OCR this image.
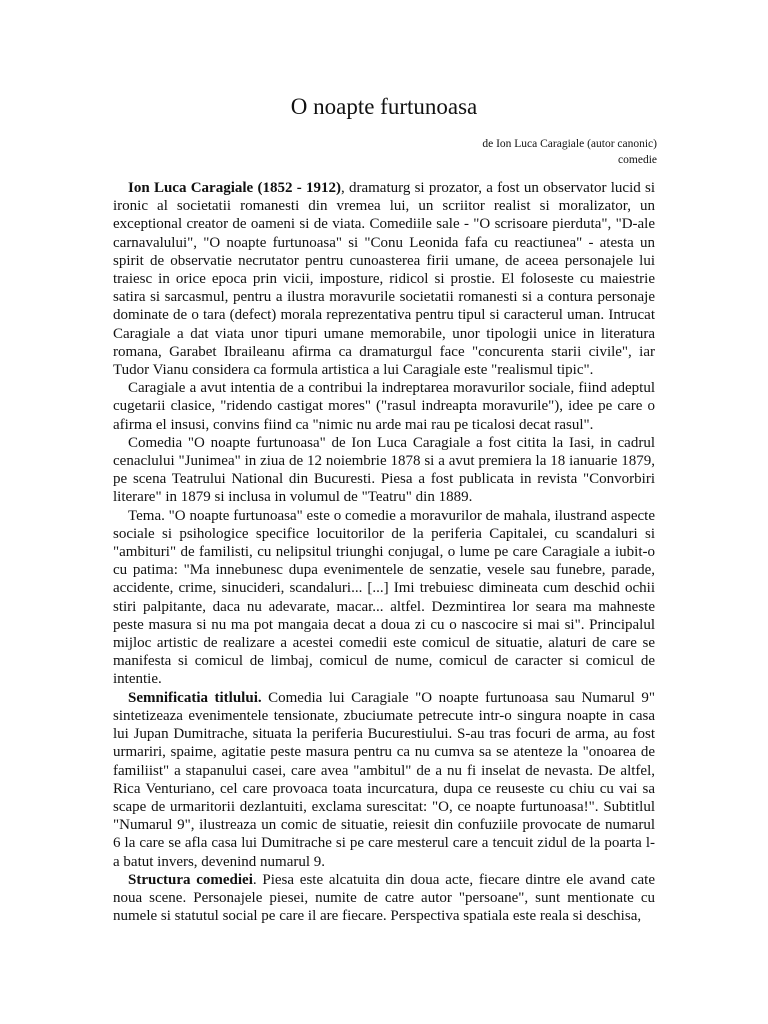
O noapte furtunoasa
de Ion Luca Caragiale (autor canonic)
comedie

Ion Luca Caragiale (1852 - 1912), dramaturg si prozator, a fost un observator lucid si ironic al societatii romanesti din vremea lui, un scriitor realist si moralizator, un exceptional creator de oameni si de viata. Comediile sale - "O scrisoare pierduta", "D-ale carnavalului", "O noapte furtunoasa" si "Conu Leonida fafa cu reactiunea" - atesta un spirit de observatie necrutator pentru cunoasterea firii umane, de aceea personajele lui traiesc in orice epoca prin vicii, imposture, ridicol si prostie. El foloseste cu maiestrie satira si sarcasmul, pentru a ilustra moravurile societatii romanesti si a contura personaje dominate de o tara (defect) morala reprezentativa pentru tipul si caracterul uman. Intrucat Caragiale a dat viata unor tipuri umane memorabile, unor tipologii unice in literatura romana, Garabet Ibraileanu afirma ca dramaturgul face "concurenta starii civile", iar Tudor Vianu considera ca formula artistica a lui Caragiale este "realismul tipic".

Caragiale a avut intentia de a contribui la indreptarea moravurilor sociale, fiind adeptul cugetarii clasice, "ridendo castigat mores" ("rasul indreapta moravurile"), idee pe care o afirma el insusi, convins fiind ca "nimic nu arde mai rau pe ticalosi decat rasul".

Comedia "O noapte furtunoasa" de Ion Luca Caragiale a fost citita la Iasi, in cadrul cenaclului "Junimea" in ziua de 12 noiembrie 1878 si a avut premiera la 18 ianuarie 1879, pe scena Teatrului National din Bucuresti. Piesa a fost publicata in revista "Convorbiri literare" in 1879 si inclusa in volumul de "Teatru" din 1889.

Tema. "O noapte furtunoasa" este o comedie a moravurilor de mahala, ilustrand aspecte sociale si psihologice specifice locuitorilor de la periferia Capitalei, cu scandaluri si "ambituri" de familisti, cu nelipsitul triunghi conjugal, o lume pe care Caragiale a iubit-o cu patima: "Ma innebunesc dupa evenimentele de senzatie, vesele sau funebre, parade, accidente, crime, sinucideri, scandaluri... [...] Imi trebuiesc dimineata cum deschid ochii stiri palpitante, daca nu adevarate, macar... altfel. Dezmintirea lor seara ma mahneste peste masura si nu ma pot mangaia decat a doua zi cu o nascocire si mai si". Principalul mijloc artistic de realizare a acestei comedii este comicul de situatie, alaturi de care se manifesta si comicul de limbaj, comicul de nume, comicul de caracter si comicul de intentie.

Semnificatia titlului. Comedia lui Caragiale "O noapte furtunoasa sau Numarul 9" sintetizeaza evenimentele tensionate, zbuciumate petrecute intr-o singura noapte in casa lui Jupan Dumitrache, situata la periferia Bucurestiului. S-au tras focuri de arma, au fost urmariri, spaime, agitatie peste masura pentru ca nu cumva sa se atenteze la "onoarea de familiist" a stapanului casei, care avea "ambitul" de a nu fi inselat de nevasta. De altfel, Rica Venturiano, cel care provoaca toata incurcatura, dupa ce reuseste cu chiu cu vai sa scape de urmaritorii dezlantuiti, exclama surescitat: "O, ce noapte furtunoasa!". Subtitlul "Numarul 9", ilustreaza un comic de situatie, reiesit din confuziile provocate de numarul 6 la care se afla casa lui Dumitrache si pe care mesterul care a tencuit zidul de la poarta l-a batut invers, devenind numarul 9.

Structura comediei. Piesa este alcatuita din doua acte, fiecare dintre ele avand cate noua scene. Personajele piesei, numite de catre autor "persoane", sunt mentionate cu numele si statutul social pe care il are fiecare. Perspectiva spatiala este reala si deschisa,
